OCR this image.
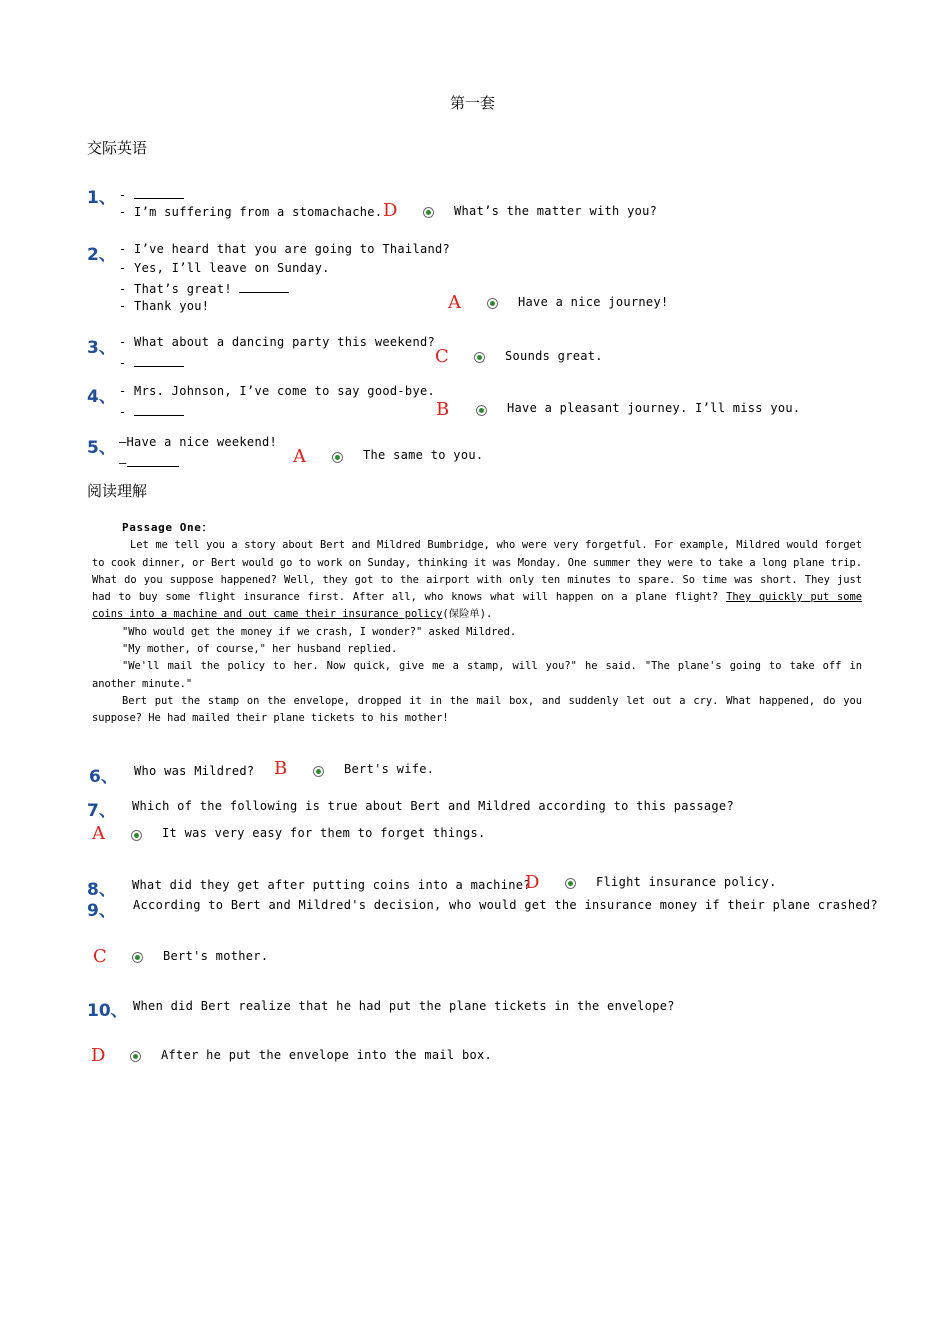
第一套
交际英语
1、 -
- I’m suffering from a stomachache. D	What’s the matter with you?
2、 - I’ve heard that you are going to Thailand?
- Yes, I’ll leave on Sunday.
- That’s great!
- Thank you!	A	Have a nice journey!
3、 - What about a dancing party this weekend?
-	C	Sounds great.
4、 - Mrs. Johnson, I’ve come to say good-bye.
-	B	Have a pleasant journey. I’ll miss you.
5、 —Have a nice weekend!
—	A	The same to you.
阅读理解

Passage One：

Let me tell you a story about Bert and Mildred Bumbridge, who were very forgetful. For example, Mildred would forget to cook dinner, or Bert would go to work on Sunday, thinking it was Monday. One summer they were to take a long plane trip. What do you suppose happened? Well, they got to the airport with only ten minutes to spare. So time was short. They just had to buy some flight insurance first. After all, who knows what will happen on a plane flight? They quickly put some coins into a machine and out came their insurance policy(保险单).

"Who would get the money if we crash, I wonder?" asked Mildred.

"My mother, of course," her husband replied.

"We'll mail the policy to her. Now quick, give me a stamp, will you?" he said. "The plane's going to take off in another minute."

Bert put the stamp on the envelope, dropped it in the mail box, and suddenly let out a cry. What happened, do you suppose? He had mailed their plane tickets to his mother!

6、 Who was Mildred? B	Bert's wife.
7、 Which of the following is true about Bert and Mildred according to this passage?
A	It was very easy for them to forget things.
8、 What did they get after putting coins into a machine?
D	Flight insurance policy.
9、 According to Bert and Mildred's decision, who would get the insurance money if their plane crashed?
C	Bert's mother.
10、 When did Bert realize that he had put the plane tickets in the envelope?
D	After he put the envelope into the mail box.
